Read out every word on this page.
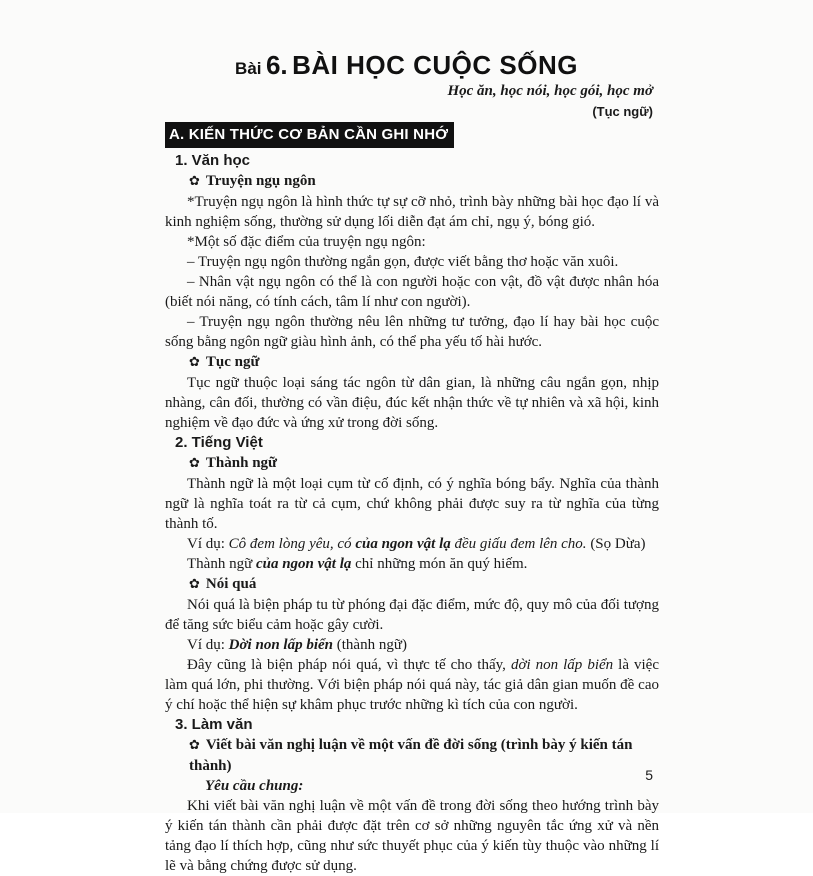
Bài 6. BÀI HỌC CUỘC SỐNG
Học ăn, học nói, học gói, học mở
(Tục ngữ)
A. KIẾN THỨC CƠ BẢN CẦN GHI NHỚ
1. Văn học
✿ Truyện ngụ ngôn

*Truyện ngụ ngôn là hình thức tự sự cỡ nhỏ, trình bày những bài học đạo lí và kinh nghiệm sống, thường sử dụng lối diễn đạt ám chỉ, ngụ ý, bóng gió.

*Một số đặc điểm của truyện ngụ ngôn:

– Truyện ngụ ngôn thường ngắn gọn, được viết bằng thơ hoặc văn xuôi.

– Nhân vật ngụ ngôn có thể là con người hoặc con vật, đồ vật được nhân hóa (biết nói năng, có tính cách, tâm lí như con người).

– Truyện ngụ ngôn thường nêu lên những tư tưởng, đạo lí hay bài học cuộc sống bằng ngôn ngữ giàu hình ảnh, có thể pha yếu tố hài hước.

✿ Tục ngữ

Tục ngữ thuộc loại sáng tác ngôn từ dân gian, là những câu ngắn gọn, nhịp nhàng, cân đối, thường có vần điệu, đúc kết nhận thức về tự nhiên và xã hội, kinh nghiệm về đạo đức và ứng xử trong đời sống.

2. Tiếng Việt
✿ Thành ngữ

Thành ngữ là một loại cụm từ cố định, có ý nghĩa bóng bẩy. Nghĩa của thành ngữ là nghĩa toát ra từ cả cụm, chứ không phải được suy ra từ nghĩa của từng thành tố.

Ví dụ: Cô đem lòng yêu, có của ngon vật lạ đều giấu đem lên cho. (Sọ Dừa)

Thành ngữ của ngon vật lạ chỉ những món ăn quý hiếm.

✿ Nói quá

Nói quá là biện pháp tu từ phóng đại đặc điểm, mức độ, quy mô của đối tượng để tăng sức biểu cảm hoặc gây cười.

Ví dụ: Dời non lấp biển (thành ngữ)

Đây cũng là biện pháp nói quá, vì thực tế cho thấy, dời non lấp biển là việc làm quá lớn, phi thường. Với biện pháp nói quá này, tác giả dân gian muốn đề cao ý chí hoặc thể hiện sự khâm phục trước những kì tích của con người.

3. Làm văn
✿ Viết bài văn nghị luận về một vấn đề đời sống (trình bày ý kiến tán thành)
Yêu cầu chung:

Khi viết bài văn nghị luận về một vấn đề trong đời sống theo hướng trình bày ý kiến tán thành cần phải được đặt trên cơ sở những nguyên tắc ứng xử và nền tảng đạo lí thích hợp, cũng như sức thuyết phục của ý kiến tùy thuộc vào những lí lẽ và bằng chứng được sử dụng.

5
